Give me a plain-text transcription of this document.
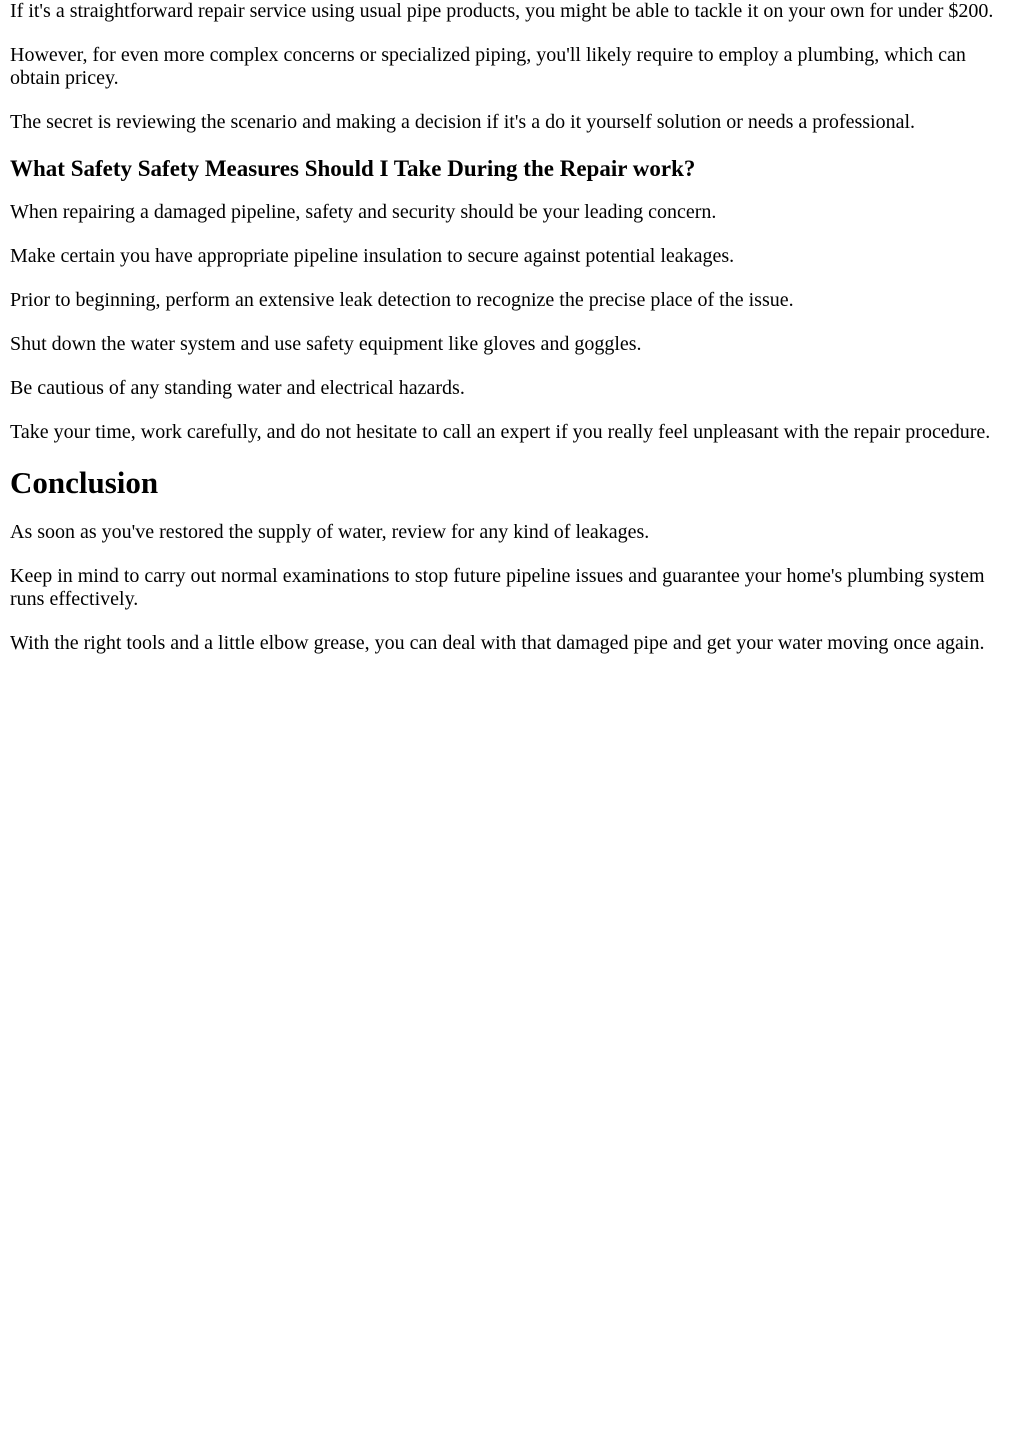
If it's a straightforward repair service using usual pipe products, you might be able to tackle it on your own for under $200.

However, for even more complex concerns or specialized piping, you'll likely require to employ a plumbing, which can obtain pricey.

The secret is reviewing the scenario and making a decision if it's a do it yourself solution or needs a professional.

What Safety Safety Measures Should I Take During the Repair work?

When repairing a damaged pipeline, safety and security should be your leading concern.

Make certain you have appropriate pipeline insulation to secure against potential leakages.

Prior to beginning, perform an extensive leak detection to recognize the precise place of the issue.

Shut down the water system and use safety equipment like gloves and goggles.

Be cautious of any standing water and electrical hazards.

Take your time, work carefully, and do not hesitate to call an expert if you really feel unpleasant with the repair procedure.

Conclusion

As soon as you've restored the supply of water, review for any kind of leakages.

Keep in mind to carry out normal examinations to stop future pipeline issues and guarantee your home's plumbing system runs effectively.

With the right tools and a little elbow grease, you can deal with that damaged pipe and get your water moving once again.
